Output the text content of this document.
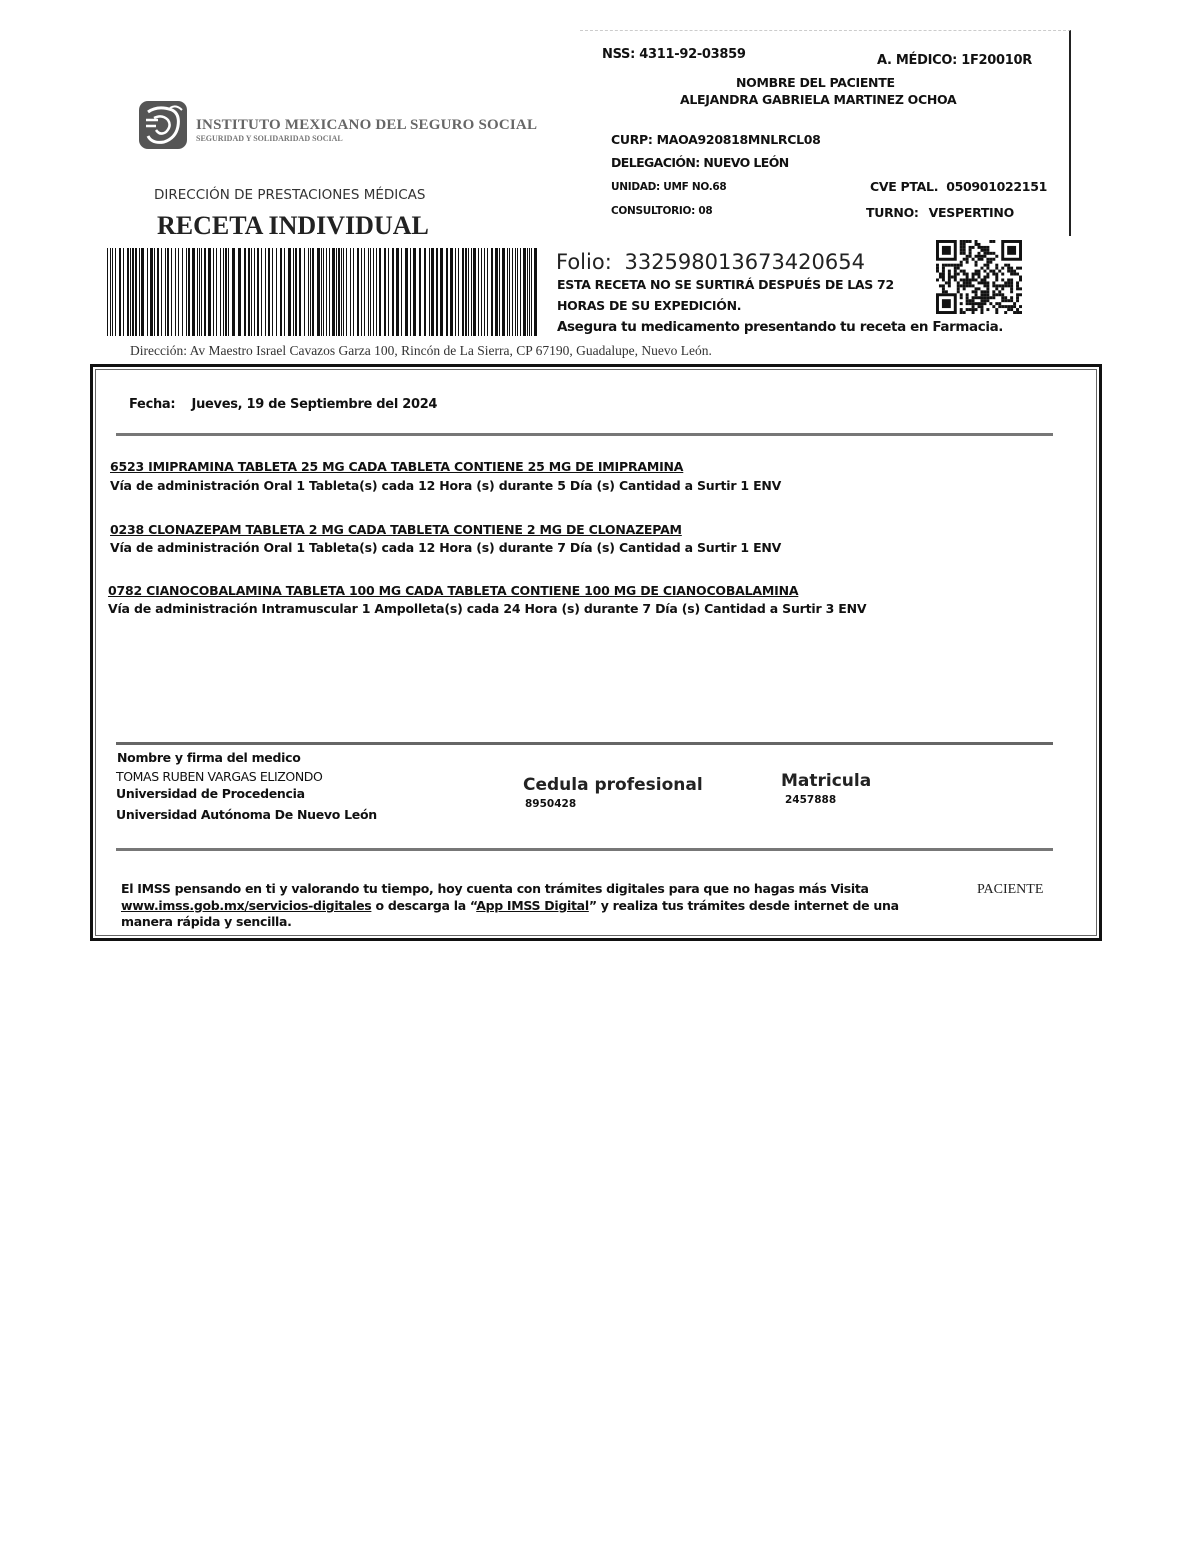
NSS: 4311-92-03859	A. MÉDICO: 1F20010R
NOMBRE DEL PACIENTE
ALEJANDRA GABRIELA MARTINEZ OCHOA
CURP: MAOA920818MNLRCL08
DELEGACIÓN: NUEVO LEÓN
UNIDAD: UMF NO.68	CVE PTAL. 050901022151
CONSULTORIO: 08	TURNO: VESPERTINO
INSTITUTO MEXICANO DEL SEGURO SOCIAL
SEGURIDAD Y SOLIDARIDAD SOCIAL
DIRECCIÓN DE PRESTACIONES MÉDICAS
RECETA INDIVIDUAL
Folio: 332598013673420654
ESTA RECETA NO SE SURTIRÁ DESPUÉS DE LAS 72
HORAS DE SU EXPEDICIÓN.
Asegura tu medicamento presentando tu receta en Farmacia.
Dirección: Av Maestro Israel Cavazos Garza 100, Rincón de La Sierra, CP 67190, Guadalupe, Nuevo León.
Fecha: Jueves, 19 de Septiembre del 2024
6523 IMIPRAMINA TABLETA 25 MG CADA TABLETA CONTIENE 25 MG DE IMIPRAMINA
Vía de administración Oral 1 Tableta(s) cada 12 Hora (s) durante 5 Día (s) Cantidad a Surtir 1 ENV
0238 CLONAZEPAM TABLETA 2 MG CADA TABLETA CONTIENE 2 MG DE CLONAZEPAM
Vía de administración Oral 1 Tableta(s) cada 12 Hora (s) durante 7 Día (s) Cantidad a Surtir 1 ENV
0782 CIANOCOBALAMINA TABLETA 100 MG CADA TABLETA CONTIENE 100 MG DE CIANOCOBALAMINA
Vía de administración Intramuscular 1 Ampolleta(s) cada 24 Hora (s) durante 7 Día (s) Cantidad a Surtir 3 ENV
Nombre y firma del medico
TOMAS RUBEN VARGAS ELIZONDO
Universidad de Procedencia
Universidad Autónoma De Nuevo León
Cedula profesional
8950428
Matricula
2457888
El IMSS pensando en ti y valorando tu tiempo, hoy cuenta con trámites digitales para que no hagas más Visita
www.imss.gob.mx/servicios-digitales o descarga la “App IMSS Digital” y realiza tus trámites desde internet de una
manera rápida y sencilla.
PACIENTE
